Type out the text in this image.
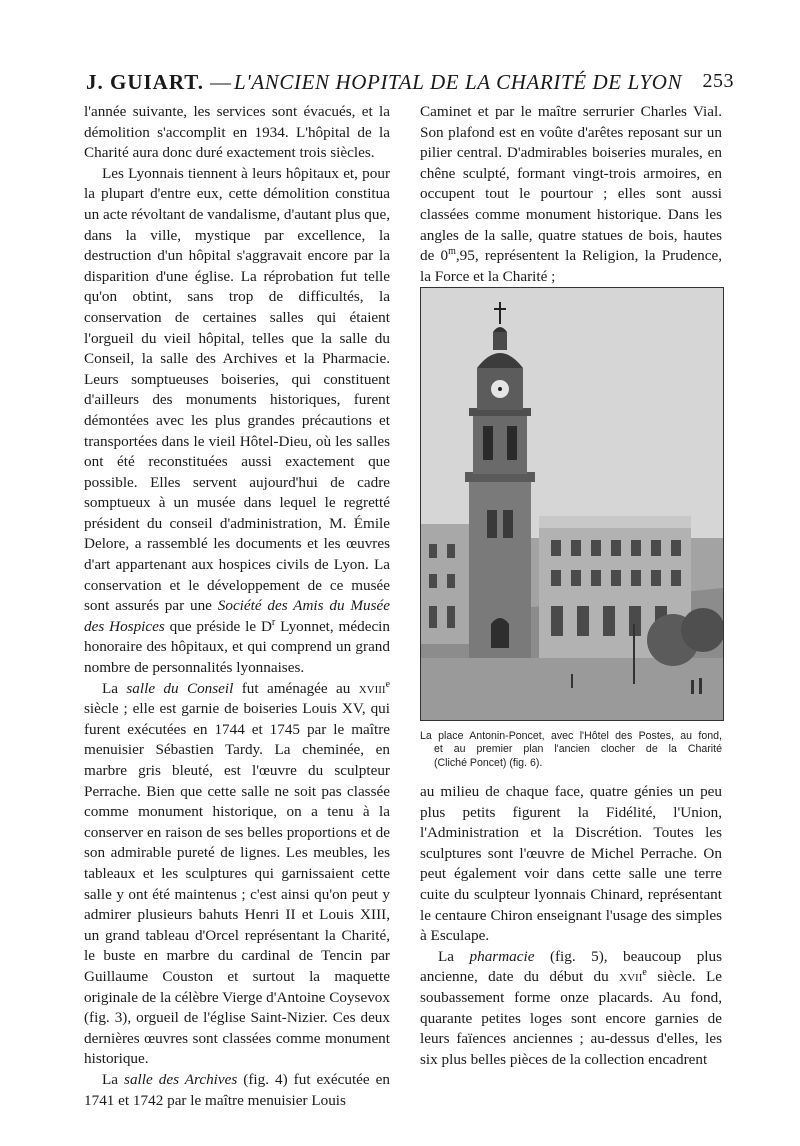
J. GUIART. — L'ANCIEN HOPITAL DE LA CHARITÉ DE LYON 253

l'année suivante, les services sont évacués, et la démolition s'accomplit en 1934. L'hôpital de la Charité aura donc duré exactement trois siècles.

Les Lyonnais tiennent à leurs hôpitaux et, pour la plupart d'entre eux, cette démolition constitua un acte révoltant de vandalisme, d'autant plus que, dans la ville, mystique par excellence, la destruction d'un hôpital s'aggravait encore par la disparition d'une église. La réprobation fut telle qu'on obtint, sans trop de difficultés, la conservation de certaines salles qui étaient l'orgueil du vieil hôpital, telles que la salle du Conseil, la salle des Archives et la Pharmacie. Leurs somptueuses boiseries, qui constituent d'ailleurs des monuments historiques, furent démontées avec les plus grandes précautions et transportées dans le vieil Hôtel-Dieu, où les salles ont été reconstituées aussi exactement que possible. Elles servent aujourd'hui de cadre somptueux à un musée dans lequel le regretté président du conseil d'administration, M. Émile Delore, a rassemblé les documents et les œuvres d'art appartenant aux hospices civils de Lyon. La conservation et le développement de ce musée sont assurés par une Société des Amis du Musée des Hospices que préside le $D^r$ Lyonnet, médecin honoraire des hôpitaux, et qui comprend un grand nombre de personnalités lyonnaises.

La salle du Conseil fut aménagée au xviii$^e$ siècle ; elle est garnie de boiseries Louis XV, qui furent exécutées en 1744 et 1745 par le maître menuisier Sébastien Tardy. La cheminée, en marbre gris bleuté, est l'œuvre du sculpteur Perrache. Bien que cette salle ne soit pas classée comme monument historique, on a tenu à la conserver en raison de ses belles proportions et de son admirable pureté de lignes. Les meubles, les tableaux et les sculptures qui garnissaient cette salle y ont été maintenus ; c'est ainsi qu'on peut y admirer plusieurs bahuts Henri II et Louis XIII, un grand tableau d'Orcel représentant la Charité, le buste en marbre du cardinal de Tencin par Guillaume Couston et surtout la maquette originale de la célèbre Vierge d'Antoine Coysevox (fig. 3), orgueil de l'église Saint-Nizier. Ces deux dernières œuvres sont classées comme monument historique.

La salle des Archives (fig. 4) fut exécutée en 1741 et 1742 par le maître menuisier Louis

Caminet et par le maître serrurier Charles Vial. Son plafond est en voûte d'arêtes reposant sur un pilier central. D'admirables boiseries murales, en chêne sculpté, formant vingt-trois armoires, en occupent tout le pourtour ; elles sont aussi classées comme monument historique. Dans les angles de la salle, quatre statues de bois, hautes de 0$^m$,95, représentent la Religion, la Prudence, la Force et la Charité ;

La place Antonin-Poncet, avec l'Hôtel des Postes, au fond,
et au premier plan l'ancien clocher de la Charité
(Cliché Poncet) (fig. 6).

au milieu de chaque face, quatre génies un peu plus petits figurent la Fidélité, l'Union, l'Administration et la Discrétion. Toutes les sculptures sont l'œuvre de Michel Perrache. On peut également voir dans cette salle une terre cuite du sculpteur lyonnais Chinard, représentant le centaure Chiron enseignant l'usage des simples à Esculape.

La pharmacie (fig. 5), beaucoup plus ancienne, date du début du xvii$^e$ siècle. Le soubassement forme onze placards. Au fond, quarante petites loges sont encore garnies de leurs faïences anciennes ; au-dessus d'elles, les six plus belles pièces de la collection encadrent
